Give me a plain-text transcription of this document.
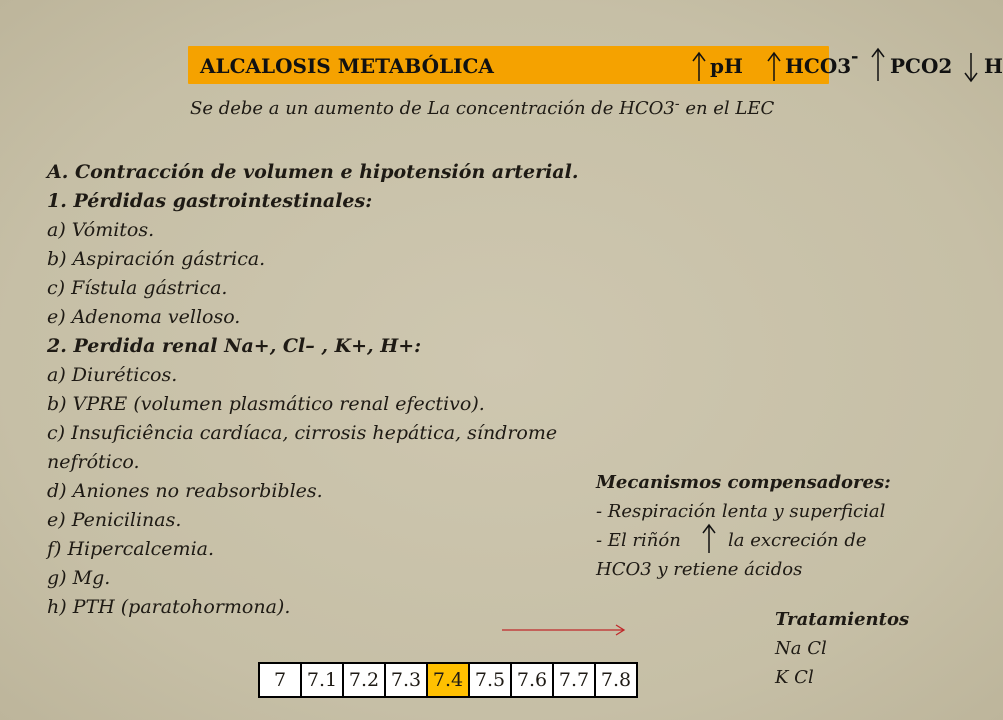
ALCALOSIS METABÓLICA	pH HCO3 - PCO2 H
Se debe a un aumento de La concentración de HCO3- en el LEC
A. Contracción de volumen e hipotensión arterial.
1. Pérdidas gastrointestinales:
a) Vómitos.
b) Aspiración gástrica.
c) Fístula gástrica.
e) Adenoma velloso.
2. Perdida renal Na+, Cl– , K+, H+:
a) Diuréticos.
b) VPRE (volumen plasmático renal efectivo).
c) Insuficiência cardíaca, cirrosis hepática, síndrome nefrótico.
d) Aniones no reabsorbibles.
e) Penicilinas.
f) Hipercalcemia.
g) Mg.
h) PTH (paratohormona).
Mecanismos compensadores:
- Respiración lenta y superficial
- El riñón	la excreción de
HCO3 y retiene ácidos
Tratamientos
Na Cl
K Cl
7	7.1	7.2	7.3	7.4	7.5	7.6	7.7	7.8
